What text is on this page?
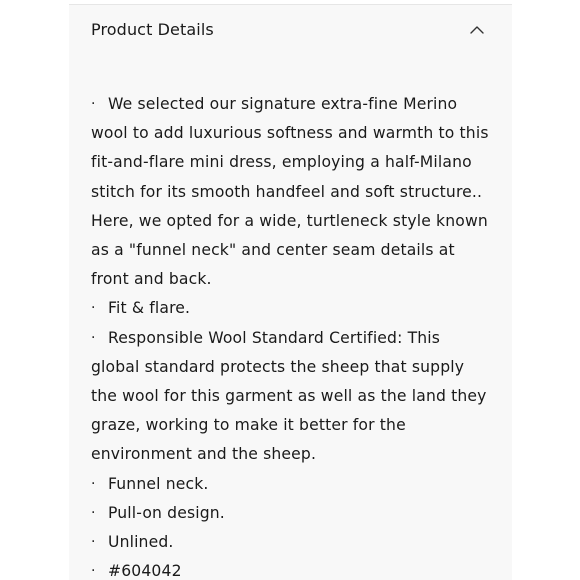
Product Details
· We selected our signature extra-fine Merino wool to add luxurious softness and warmth to this fit-and-flare mini dress, employing a half-Milano stitch for its smooth handfeel and soft structure.. Here, we opted for a wide, turtleneck style known as a "funnel neck" and center seam details at front and back.
· Fit & flare.
· Responsible Wool Standard Certified: This global standard protects the sheep that supply the wool for this garment as well as the land they graze, working to make it better for the environment and the sheep.
· Funnel neck.
· Pull-on design.
· Unlined.
· #604042
